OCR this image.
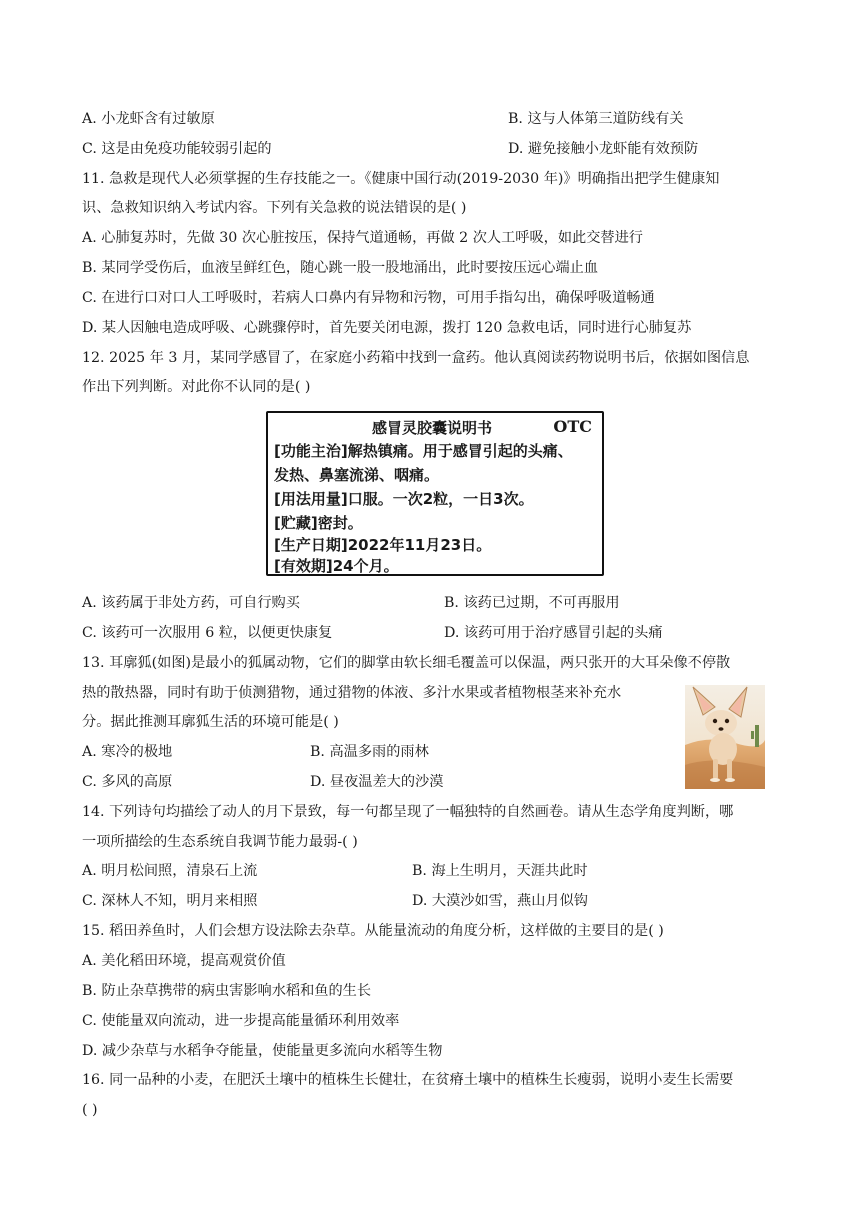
A. 小龙虾含有过敏原	B. 这与人体第三道防线有关
C. 这是由免疫功能较弱引起的	D. 避免接触小龙虾能有效预防
11. 急救是现代人必须掌握的生存技能之一。《健康中国行动(2019-2030 年)》明确指出把学生健康知
识、急救知识纳入考试内容。下列有关急救的说法错误的是( )
A. 心肺复苏时，先做 30 次心脏按压，保持气道通畅，再做 2 次人工呼吸，如此交替进行
B. 某同学受伤后，血液呈鲜红色，随心跳一股一股地涌出，此时要按压远心端止血
C. 在进行口对口人工呼吸时，若病人口鼻内有异物和污物，可用手指勾出，确保呼吸道畅通
D. 某人因触电造成呼吸、心跳骤停时，首先要关闭电源，拨打 120 急救电话，同时进行心肺复苏
12. 2025 年 3 月，某同学感冒了，在家庭小药箱中找到一盒药。他认真阅读药物说明书后，依据如图信息
作出下列判断。对此你不认同的是( )
感冒灵胶囊说明书	OTC
[功能主治]解热镇痛。用于感冒引起的头痛、
发热、鼻塞流涕、咽痛。
[用法用量]口服。一次2粒，一日3次。
[贮藏]密封。
[生产日期]2022年11月23日。
[有效期]24个月。
A. 该药属于非处方药，可自行购买	B. 该药已过期，不可再服用
C. 该药可一次服用 6 粒，以便更快康复	D. 该药可用于治疗感冒引起的头痛
13. 耳廓狐(如图)是最小的狐属动物，它们的脚掌由软长细毛覆盖可以保温，两只张开的大耳朵像不停散
热的散热器，同时有助于侦测猎物，通过猎物的体液、多汁水果或者植物根茎来补充水
分。据此推测耳廓狐生活的环境可能是( )
A. 寒冷的极地	B. 高温多雨的雨林
C. 多风的高原	D. 昼夜温差大的沙漠
14. 下列诗句均描绘了动人的月下景致，每一句都呈现了一幅独特的自然画卷。请从生态学角度判断，哪
一项所描绘的生态系统自我调节能力最弱-( )
A. 明月松间照，清泉石上流	B. 海上生明月，天涯共此时
C. 深林人不知，明月来相照	D. 大漠沙如雪，燕山月似钩
15. 稻田养鱼时，人们会想方设法除去杂草。从能量流动的角度分析，这样做的主要目的是( )
A. 美化稻田环境，提高观赏价值
B. 防止杂草携带的病虫害影响水稻和鱼的生长
C. 使能量双向流动，进一步提高能量循环利用效率
D. 减少杂草与水稻争夺能量，使能量更多流向水稻等生物
16. 同一品种的小麦，在肥沃土壤中的植株生长健壮，在贫瘠土壤中的植株生长瘦弱，说明小麦生长需要
( )
